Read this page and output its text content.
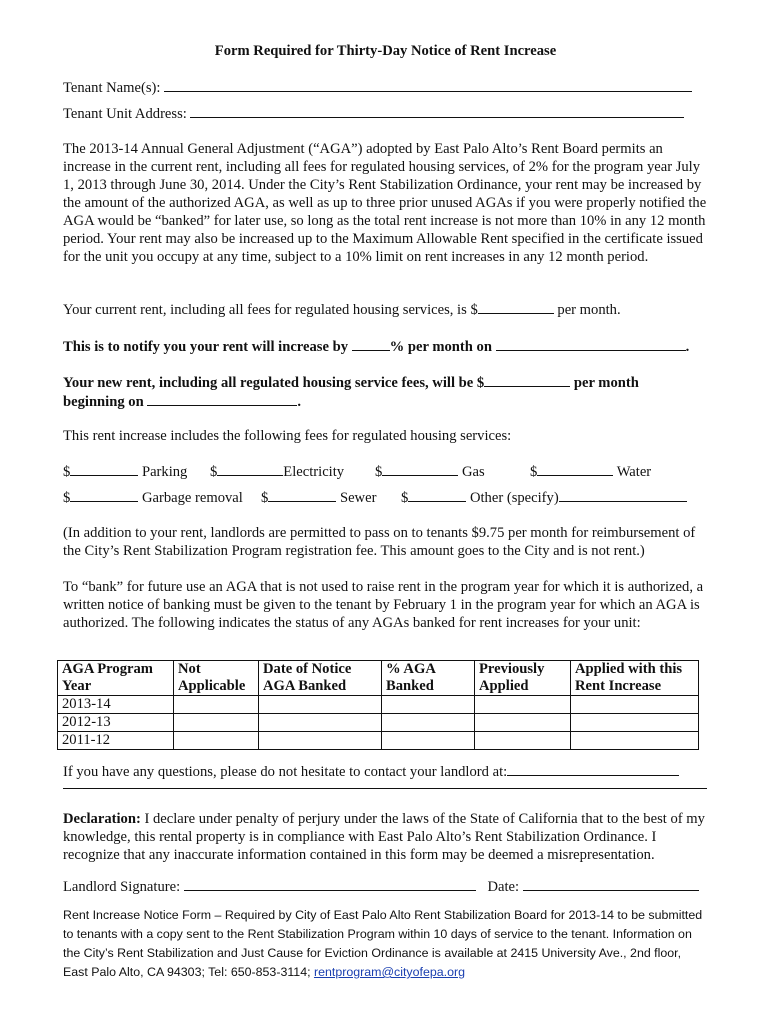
Form Required for Thirty-Day Notice of Rent Increase
Tenant Name(s):
Tenant Unit Address:
The 2013-14 Annual General Adjustment (“AGA”) adopted by East Palo Alto’s Rent Board permits an increase in the current rent, including all fees for regulated housing services, of 2% for the program year July 1, 2013 through June 30, 2014. Under the City’s Rent Stabilization Ordinance, your rent may be increased by the amount of the authorized AGA, as well as up to three prior unused AGAs if you were properly notified the AGA would be “banked” for later use, so long as the total rent increase is not more than 10% in any 12 month period. Your rent may also be increased up to the Maximum Allowable Rent specified in the certificate issued for the unit you occupy at any time, subject to a 10% limit on rent increases in any 12 month period.
Your current rent, including all fees for regulated housing services, is $	per month.
This is to notify you your rent will increase by	% per month on	.
Your new rent, including all regulated housing service fees, will be $	per month
beginning on	.
This rent increase includes the following fees for regulated housing services:
$	Parking $	Electricity $	Gas	$	Water
$	Garbage removal $	Sewer $	Other (specify)
(In addition to your rent, landlords are permitted to pass on to tenants $9.75 per month for reimbursement of the City’s Rent Stabilization Program registration fee. This amount goes to the City and is not rent.)
To “bank” for future use an AGA that is not used to raise rent in the program year for which it is authorized, a written notice of banking must be given to the tenant by February 1 in the program year for which an AGA is authorized. The following indicates the status of any AGAs banked for rent increases for your unit:
AGA Program Year	Not Applicable	Date of Notice AGA Banked	% AGA Banked	Previously Applied	Applied with this Rent Increase
2013-14					
2012-13					
2011-12					
If you have any questions, please do not hesitate to contact your landlord at:
Declaration: I declare under penalty of perjury under the laws of the State of California that to the best of my knowledge, this rental property is in compliance with East Palo Alto’s Rent Stabilization Ordinance. I recognize that any inaccurate information contained in this form may be deemed a misrepresentation.
Landlord Signature:	Date:
Rent Increase Notice Form – Required by City of East Palo Alto Rent Stabilization Board for 2013-14 to be submitted to tenants with a copy sent to the Rent Stabilization Program within 10 days of service to the tenant. Information on the City’s Rent Stabilization and Just Cause for Eviction Ordinance is available at 2415 University Ave., 2nd floor, East Palo Alto, CA 94303; Tel: 650-853-3114; rentprogram@cityofepa.org
